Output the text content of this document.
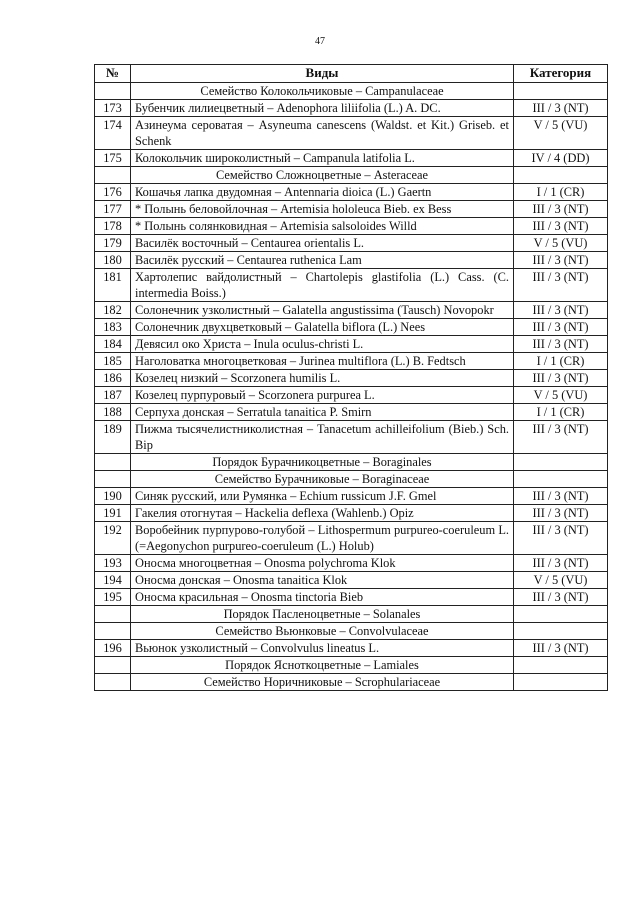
47
№	Виды	Категория
	Семейство Колокольчиковые – Campanulaceae	
173	Бубенчик лилиецветный – Adenophora liliifolia (L.) A. DC.	III / 3 (NT)
174	Азинеума сероватая – Asyneuma canescens (Waldst. et Kit.) Griseb. et Schenk	V / 5 (VU)
175	Колокольчик широколистный – Campanula latifolia L.	IV / 4 (DD)
	Семейство Сложноцветные – Asteraceae	
176	Кошачья лапка двудомная – Antennaria dioica (L.) Gaertn	I / 1 (CR)
177	* Полынь беловойлочная – Artemisia hololeuca Bieb. ex Bess	III / 3 (NT)
178	* Полынь солянковидная – Artemisia salsoloides Willd	III / 3 (NT)
179	Василёк восточный – Centaurea orientalis L.	V / 5 (VU)
180	Василёк русский – Centaurea ruthenica Lam	III / 3 (NT)
181	Хартолепис вайдолистный – Chartolepis glastifolia (L.) Cass. (C. intermedia Boiss.)	III / 3 (NT)
182	Солонечник узколистный – Galatella angustissima (Tausch) Novopokr	III / 3 (NT)
183	Солонечник двухцветковый – Galatella biflora (L.) Nees	III / 3 (NT)
184	Девясил око Христа – Inula oculus-christi L.	III / 3 (NT)
185	Наголоватка многоцветковая – Jurinea multiflora (L.) B. Fedtsch	I / 1 (CR)
186	Козелец низкий – Scorzonera humilis L.	III / 3 (NT)
187	Козелец пурпуровый – Scorzonera purpurea L.	V / 5 (VU)
188	Серпуха донская – Serratula tanaitica P. Smirn	I / 1 (CR)
189	Пижма тысячелистниколистная – Tanacetum achilleifolium (Bieb.) Sch. Bip	III / 3 (NT)
	Порядок Бурачникоцветные – Boraginales	
	Семейство Бурачниковые – Boraginaceae	
190	Синяк русский, или Румянка – Echium russicum J.F. Gmel	III / 3 (NT)
191	Гакелия отогнутая – Hackelia deflexa (Wahlenb.) Opiz	III / 3 (NT)
192	Воробейник пурпурово-голубой – Lithospermum purpureo-coeruleum L. (=Aegonychon purpureo-coeruleum (L.) Holub)	III / 3 (NT)
193	Оносма многоцветная – Onosma polychroma Klok	III / 3 (NT)
194	Оносма донская – Onosma tanaitica Klok	V / 5 (VU)
195	Оносма красильная – Onosma tinctoria Bieb	III / 3 (NT)
	Порядок Пасленоцветные – Solanales	
	Семейство Вьюнковые – Convolvulaceae	
196	Вьюнок узколистный – Convolvulus lineatus L.	III / 3 (NT)
	Порядок Ясноткоцветные – Lamiales	
	Семейство Норичниковые – Scrophulariaceae	
